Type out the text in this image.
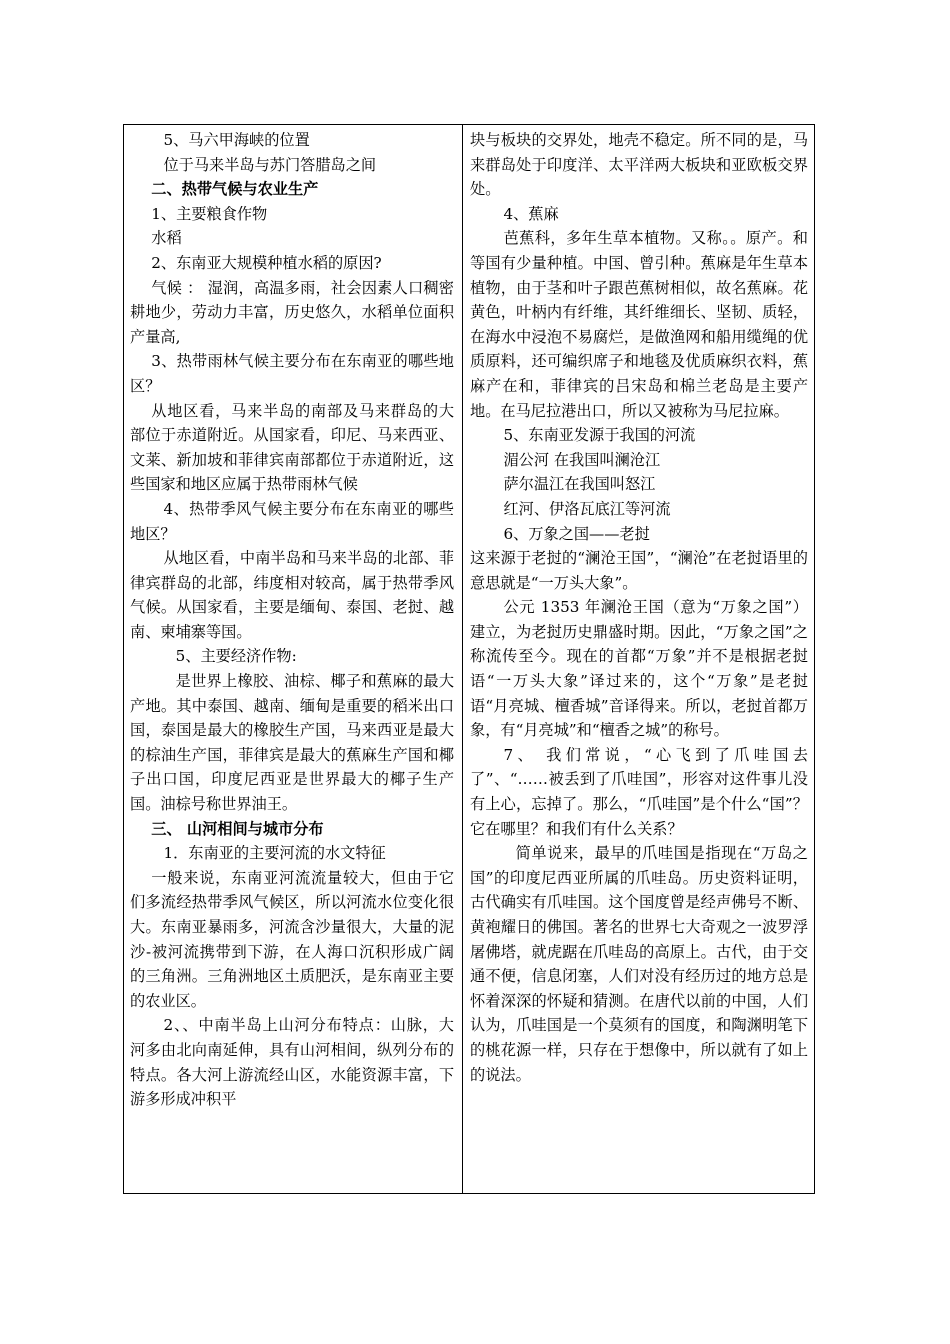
5、马六甲海峡的位置

位于马来半岛与苏门答腊岛之间

二、热带气候与农业生产

1、主要粮食作物

水稻

2、东南亚大规模种植水稻的原因?

气候 ： 湿润，高温多雨，社会因素人口稠密耕地少，劳动力丰富，历史悠久，水稻单位面积产量高,

3、热带雨林气候主要分布在东南亚的哪些地区？

从地区看，马来半岛的南部及马来群岛的大部位于赤道附近。从国家看，印尼、马来西亚、文莱、新加坡和菲律宾南部都位于赤道附近，这些国家和地区应属于热带雨林气候

4、热带季风气候主要分布在东南亚的哪些地区？

从地区看，中南半岛和马来半岛的北部、菲律宾群岛的北部，纬度相对较高，属于热带季风气候。从国家看，主要是缅甸、泰国、老挝、越南、柬埔寨等国。

5、主要经济作物:

是世界上橡胶、油棕、椰子和蕉麻的最大产地。其中泰国、越南、缅甸是重要的稻米出口国，泰国是最大的橡胶生产国，马来西亚是最大的棕油生产国，菲律宾是最大的蕉麻生产国和椰子出口国，印度尼西亚是世界最大的椰子生产国。油棕号称世界油王。

三、 山河相间与城市分布

1．东南亚的主要河流的水文特征

一般来说，东南亚河流流量较大，但由于它们多流经热带季风气候区，所以河流水位变化很大。东南亚暴雨多，河流含沙量很大，大量的泥沙-被河流携带到下游，在人海口沉积形成广阔的三角洲。三角洲地区土质肥沃，是东南亚主要的农业区。

2、、中南半岛上山河分布特点：山脉，大河多由北向南延伸，具有山河相间，纵列分布的特点。各大河上游流经山区，水能资源丰富，下游多形成冲积平

块与板块的交界处，地壳不稳定。所不同的是，马来群岛处于印度洋、太平洋两大板块和亚欧板交界处。

4、蕉麻

芭蕉科，多年生草本植物。又称。。原产。和等国有少量种植。中国、曾引种。蕉麻是年生草本植物，由于茎和叶子跟芭蕉树相似，故名蕉麻。花黄色，叶柄内有纤维，其纤维细长、坚韧、质轻，在海水中浸泡不易腐烂，是做渔网和船用缆绳的优质原料，还可编织席子和地毯及优质麻织衣料，蕉麻产在和，菲律宾的吕宋岛和棉兰老岛是主要产地。在马尼拉港出口，所以又被称为马尼拉麻。

5、东南亚发源于我国的河流

湄公河 在我国叫澜沧江

萨尔温江在我国叫怒江

红河、伊洛瓦底江等河流

6、万象之国——老挝

这来源于老挝的“澜沧王国”，“澜沧”在老挝语里的意思就是“一万头大象”。

公元 1353 年澜沧王国（意为“万象之国”）建立，为老挝历史鼎盛时期。因此，“万象之国”之称流传至今。现在的首都“万象”并不是根据老挝语“一万头大象”译过来的，这个“万象”是老挝语“月亮城、檀香城”音译得来。所以，老挝首都万象，有“月亮城”和“檀香之城”的称号。

7、 我们常说，“心飞到了爪哇国去了”、“……被丢到了爪哇国”，形容对这件事儿没有上心，忘掉了。那么，“爪哇国”是个什么“国”？它在哪里？和我们有什么关系？

简单说来，最早的爪哇国是指现在“万岛之国”的印度尼西亚所属的爪哇岛。历史资料证明，古代确实有爪哇国。这个国度曾是经声佛号不断、黄袍耀日的佛国。著名的世界七大奇观之一波罗浮屠佛塔，就虎踞在爪哇岛的高原上。古代，由于交通不便，信息闭塞，人们对没有经历过的地方总是怀着深深的怀疑和猜测。在唐代以前的中国，人们认为，爪哇国是一个莫须有的国度，和陶渊明笔下的桃花源一样，只存在于想像中，所以就有了如上的说法。
